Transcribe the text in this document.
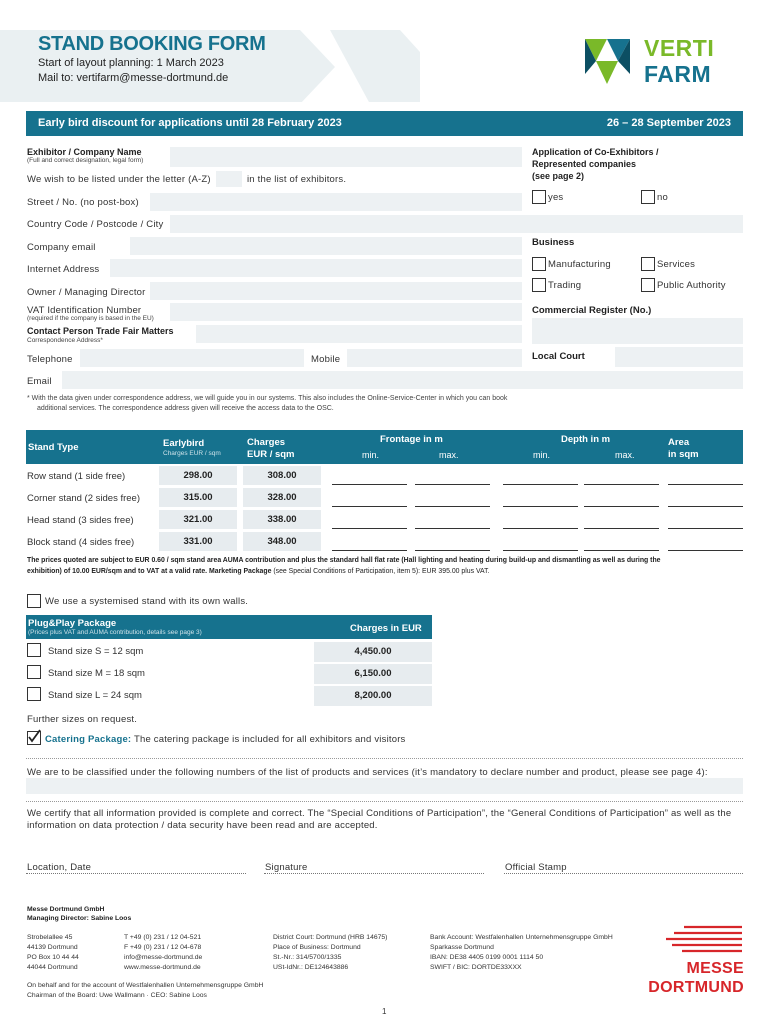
STAND BOOKING FORM
Start of layout planning: 1 March 2023
Mail to: vertifarm@messe-dortmund.de
VERTI
FARM
Early bird discount for applications until 28 February 2023	26 – 28 September 2023
Exhibitor / Company Name
(Full and correct designation, legal form)
We wish to be listed under the letter (A-Z)	in the list of exhibitors.
Street / No. (no post-box)
Country Code / Postcode / City
Company email
Internet Address
Owner / Managing Director
VAT Identification Number
(required if the company is based in the EU)
Contact Person Trade Fair Matters
Correspondence Address*
Telephone	Mobile
Email
Application of Co-Exhibitors /
Represented companies
(see page 2)
yes	no
Business
Manufacturing	Services
Trading	Public Authority
Commercial Register (No.)
Local Court
* With the data given under correspondence address, we will guide you in our systems. This also includes the Online-Service-Center in which you can book
additional services. The correspondence address given will receive the access data to the OSC.
Stand Type	Earlybird
Charges EUR / sqm
Charges
EUR / sqm
Frontage in m
min.	max.
Depth in m
min.	max.
Area
in sqm
Row stand (1 side free)	298.00	308.00
Corner stand (2 sides free)	315.00	328.00
Head stand (3 sides free)	321.00	338.00
Block stand (4 sides free)	331.00	348.00
The prices quoted are subject to EUR 0.60 / sqm stand area AUMA contribution and plus the standard hall flat rate (Hall lighting and heating during build-up and dismantling as well as during the
exhibition) of 10.00 EUR/sqm and to VAT at a valid rate. Marketing Package (see Special Conditions of Participation, item 5): EUR 395.00 plus VAT.
We use a systemised stand with its own walls.
Plug&Play Package
(Prices plus VAT and AUMA contribution, details see page 3)	Charges in EUR
Stand size S = 12 sqm	4,450.00
Stand size M = 18 sqm	6,150.00
Stand size L = 24 sqm	8,200.00
Further sizes on request.
Catering Package: The catering package is included for all exhibitors and visitors
We are to be classified under the following numbers of the list of products and services (it’s mandatory to declare number and product, please see page 4):
We certify that all information provided is complete and correct. The “Special Conditions of Participation”, the “General Conditions of Participation” as well as the
information on data protection / data security have been read and are accepted.
Location, Date	Signature	Official Stamp
Messe Dortmund GmbH
Managing Director: Sabine Loos
Strobelallee 45
44139 Dortmund
PO Box 10 44 44
44044 Dortmund
T +49 (0) 231 / 12 04-521
F +49 (0) 231 / 12 04-678
info@messe-dortmund.de
www.messe-dortmund.de
District Court: Dortmund (HRB 14675)
Place of Business: Dortmund
St.-Nr.: 314/5700/1335
USt-IdNr.: DE124643886
Bank Account: Westfalenhallen Unternehmensgruppe GmbH
Sparkasse Dortmund
IBAN: DE38 4405 0199 0001 1114 50
SWIFT / BIC: DORTDE33XXX
On behalf and for the account of Westfalenhallen Unternehmensgruppe GmbH
Chairman of the Board: Uwe Wallmann · CEO: Sabine Loos
MESSE
DORTMUND
1
